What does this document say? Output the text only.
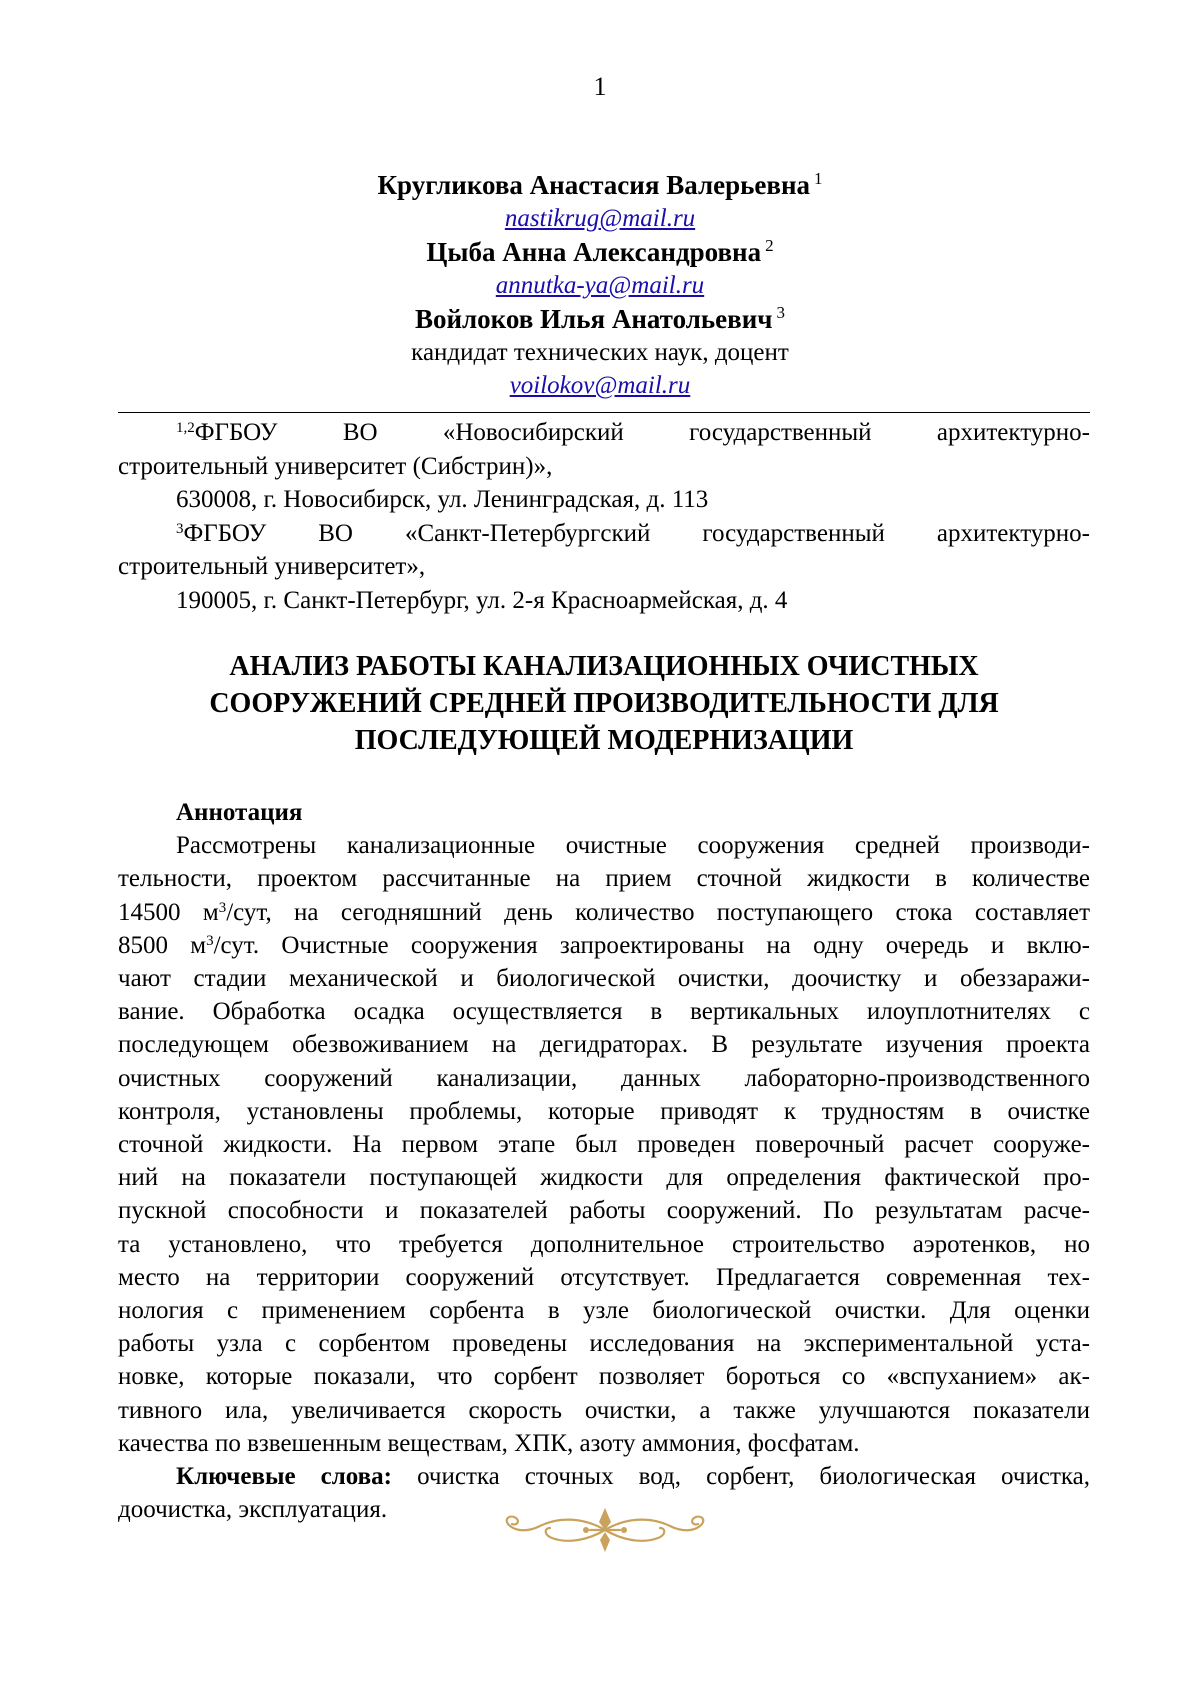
1
Кругликова Анастасия Валерьевна $^1$
nastikrug@mail.ru
Цыба Анна Александровна $^2$
annutka-ya@mail.ru
Войлоков Илья Анатольевич $^3$
кандидат технических наук, доцент
voilokov@mail.ru

$^{1,2}$ФГБОУ ВО «Новосибирский государственный архитектурно-

строительный университет (Сибстрин)»,

630008, г. Новосибирск, ул. Ленинградская, д. 113

$^3$ФГБОУ ВО «Санкт-Петербургский государственный архитектурно-

строительный университет»,

190005, г. Санкт-Петербург, ул. 2-я Красноармейская, д. 4

АНАЛИЗ РАБОТЫ КАНАЛИЗАЦИОННЫХ ОЧИСТНЫХ
СООРУЖЕНИЙ СРЕДНЕЙ ПРОИЗВОДИТЕЛЬНОСТИ ДЛЯ
ПОСЛЕДУЮЩЕЙ МОДЕРНИЗАЦИИ
Аннотация
Рассмотрены канализационные очистные сооружения средней производи-
тельности, проектом рассчитанные на прием сточной жидкости в количестве
14500 $м^3$/сут, на сегодняшний день количество поступающего стока составляет
8500 $м^3$/сут. Очистные сооружения запроектированы на одну очередь и вклю-
чают стадии механической и биологической очистки, доочистку и обеззаражи-
вание. Обработка осадка осуществляется в вертикальных илоуплотнителях с
последующем обезвоживанием на дегидраторах. В результате изучения проекта
очистных сооружений канализации, данных лабораторно-производственного
контроля, установлены проблемы, которые приводят к трудностям в очистке
сточной жидкости. На первом этапе был проведен поверочный расчет сооруже-
ний на показатели поступающей жидкости для определения фактической про-
пускной способности и показателей работы сооружений. По результатам расче-
та установлено, что требуется дополнительное строительство аэротенков, но
место на территории сооружений отсутствует. Предлагается современная тех-
нология с применением сорбента в узле биологической очистки. Для оценки
работы узла с сорбентом проведены исследования на экспериментальной уста-
новке, которые показали, что сорбент позволяет бороться со «вспуханием» ак-
тивного ила, увеличивается скорость очистки, а также улучшаются показатели
качества по взвешенным веществам, ХПК, азоту аммония, фосфатам.
Ключевые слова: очистка сточных вод, сорбент, биологическая очистка,
доочистка, эксплуатация.
